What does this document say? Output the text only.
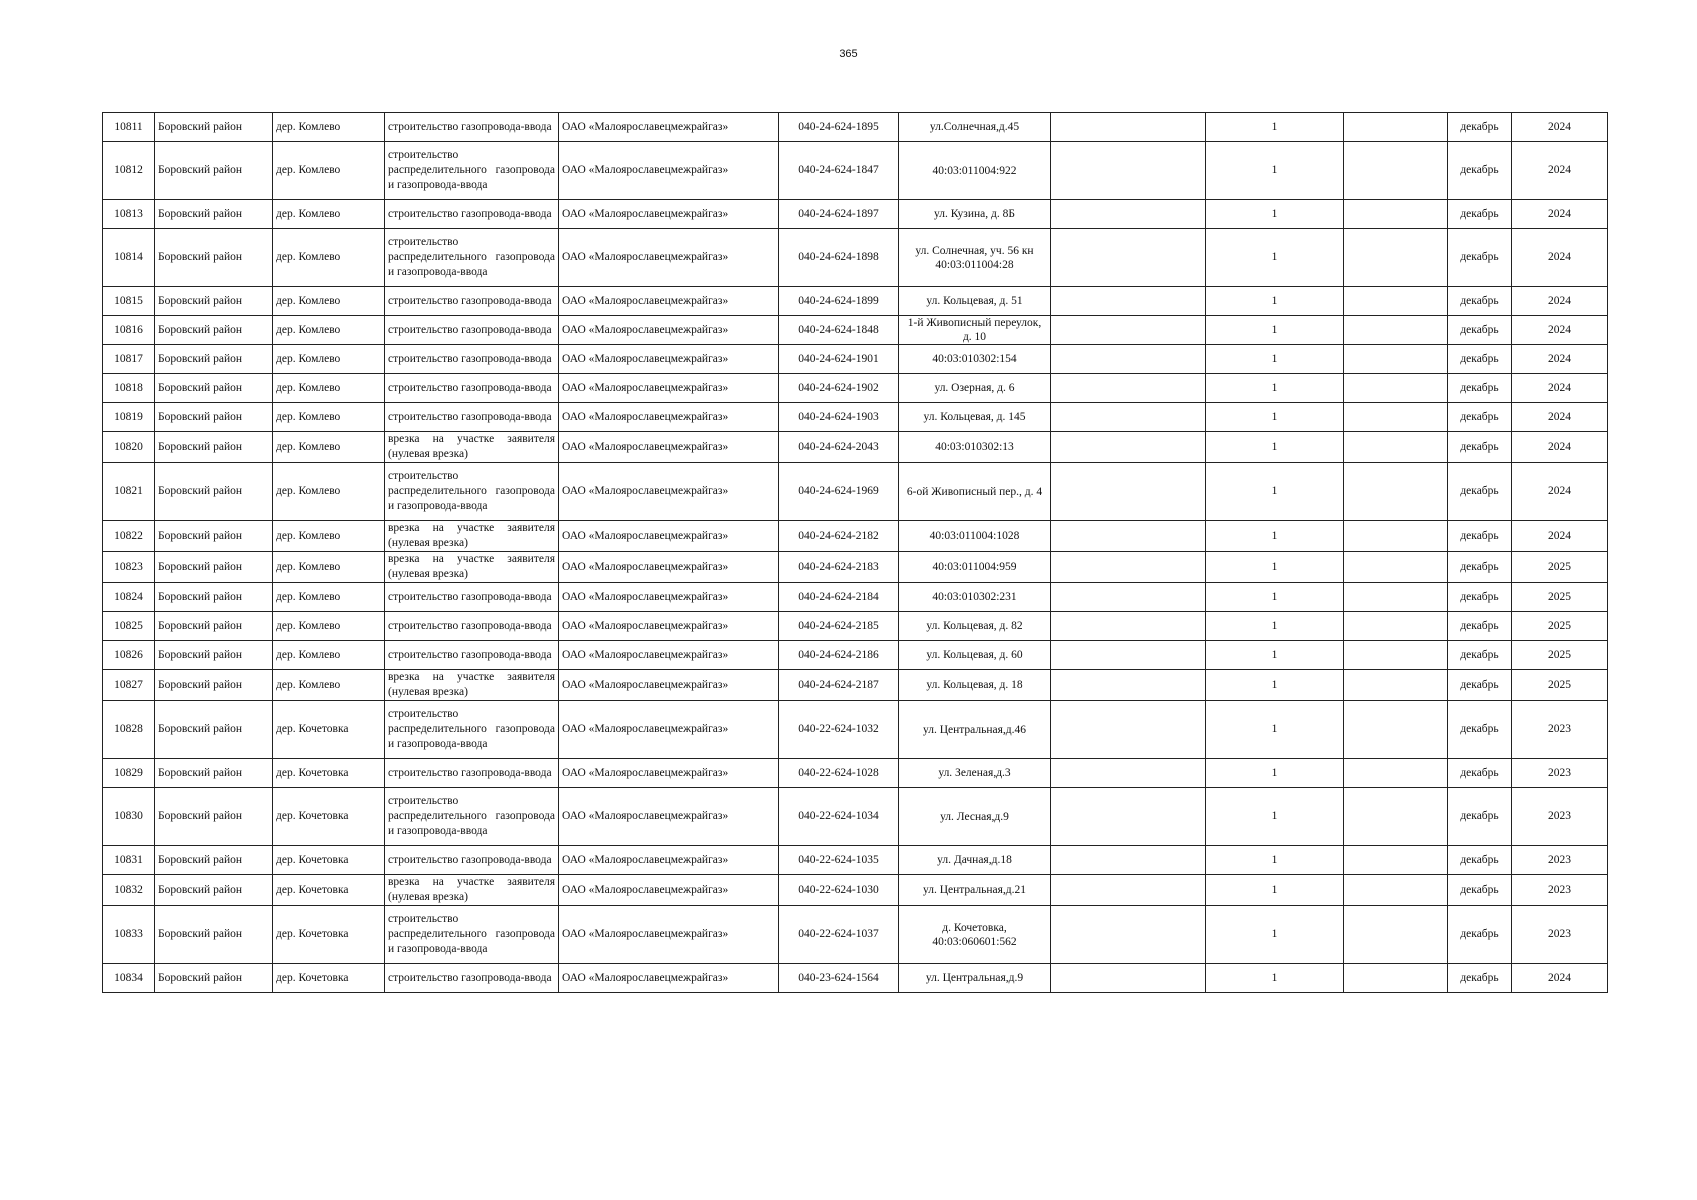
365
10811	Боровский район	дер. Комлево	строительство газопровода-ввода	ОАО «Малоярославецмежрайгаз»	040-24-624-1895	ул.Солнечная,д.45		1		декабрь	2024
10812	Боровский район	дер. Комлево	строительство распределительного газопровода и газопровода-ввода	ОАО «Малоярославецмежрайгаз»	040-24-624-1847	40:03:011004:922		1		декабрь	2024
10813	Боровский район	дер. Комлево	строительство газопровода-ввода	ОАО «Малоярославецмежрайгаз»	040-24-624-1897	ул. Кузина, д. 8Б		1		декабрь	2024
10814	Боровский район	дер. Комлево	строительство распределительного газопровода и газопровода-ввода	ОАО «Малоярославецмежрайгаз»	040-24-624-1898	ул. Солнечная, уч. 56 кн 40:03:011004:28		1		декабрь	2024
10815	Боровский район	дер. Комлево	строительство газопровода-ввода	ОАО «Малоярославецмежрайгаз»	040-24-624-1899	ул. Кольцевая, д. 51		1		декабрь	2024
10816	Боровский район	дер. Комлево	строительство газопровода-ввода	ОАО «Малоярославецмежрайгаз»	040-24-624-1848	1-й Живописный переулок, д. 10		1		декабрь	2024
10817	Боровский район	дер. Комлево	строительство газопровода-ввода	ОАО «Малоярославецмежрайгаз»	040-24-624-1901	40:03:010302:154		1		декабрь	2024
10818	Боровский район	дер. Комлево	строительство газопровода-ввода	ОАО «Малоярославецмежрайгаз»	040-24-624-1902	ул. Озерная, д. 6		1		декабрь	2024
10819	Боровский район	дер. Комлево	строительство газопровода-ввода	ОАО «Малоярославецмежрайгаз»	040-24-624-1903	ул. Кольцевая, д. 145		1		декабрь	2024
10820	Боровский район	дер. Комлево	врезка на участке заявителя (нулевая врезка)	ОАО «Малоярославецмежрайгаз»	040-24-624-2043	40:03:010302:13		1		декабрь	2024
10821	Боровский район	дер. Комлево	строительство распределительного газопровода и газопровода-ввода	ОАО «Малоярославецмежрайгаз»	040-24-624-1969	6-ой Живописный пер., д. 4		1		декабрь	2024
10822	Боровский район	дер. Комлево	врезка на участке заявителя (нулевая врезка)	ОАО «Малоярославецмежрайгаз»	040-24-624-2182	40:03:011004:1028		1		декабрь	2024
10823	Боровский район	дер. Комлево	врезка на участке заявителя (нулевая врезка)	ОАО «Малоярославецмежрайгаз»	040-24-624-2183	40:03:011004:959		1		декабрь	2025
10824	Боровский район	дер. Комлево	строительство газопровода-ввода	ОАО «Малоярославецмежрайгаз»	040-24-624-2184	40:03:010302:231		1		декабрь	2025
10825	Боровский район	дер. Комлево	строительство газопровода-ввода	ОАО «Малоярославецмежрайгаз»	040-24-624-2185	ул. Кольцевая, д. 82		1		декабрь	2025
10826	Боровский район	дер. Комлево	строительство газопровода-ввода	ОАО «Малоярославецмежрайгаз»	040-24-624-2186	ул. Кольцевая, д. 60		1		декабрь	2025
10827	Боровский район	дер. Комлево	врезка на участке заявителя (нулевая врезка)	ОАО «Малоярославецмежрайгаз»	040-24-624-2187	ул. Кольцевая, д. 18		1		декабрь	2025
10828	Боровский район	дер. Кочетовка	строительство распределительного газопровода и газопровода-ввода	ОАО «Малоярославецмежрайгаз»	040-22-624-1032	ул. Центральная,д.46		1		декабрь	2023
10829	Боровский район	дер. Кочетовка	строительство газопровода-ввода	ОАО «Малоярославецмежрайгаз»	040-22-624-1028	ул. Зеленая,д.3		1		декабрь	2023
10830	Боровский район	дер. Кочетовка	строительство распределительного газопровода и газопровода-ввода	ОАО «Малоярославецмежрайгаз»	040-22-624-1034	ул. Лесная,д.9		1		декабрь	2023
10831	Боровский район	дер. Кочетовка	строительство газопровода-ввода	ОАО «Малоярославецмежрайгаз»	040-22-624-1035	ул. Дачная,д.18		1		декабрь	2023
10832	Боровский район	дер. Кочетовка	врезка на участке заявителя (нулевая врезка)	ОАО «Малоярославецмежрайгаз»	040-22-624-1030	ул. Центральная,д.21		1		декабрь	2023
10833	Боровский район	дер. Кочетовка	строительство распределительного газопровода и газопровода-ввода	ОАО «Малоярославецмежрайгаз»	040-22-624-1037	д. Кочетовка, 40:03:060601:562		1		декабрь	2023
10834	Боровский район	дер. Кочетовка	строительство газопровода-ввода	ОАО «Малоярославецмежрайгаз»	040-23-624-1564	ул. Центральная,д.9		1		декабрь	2024
